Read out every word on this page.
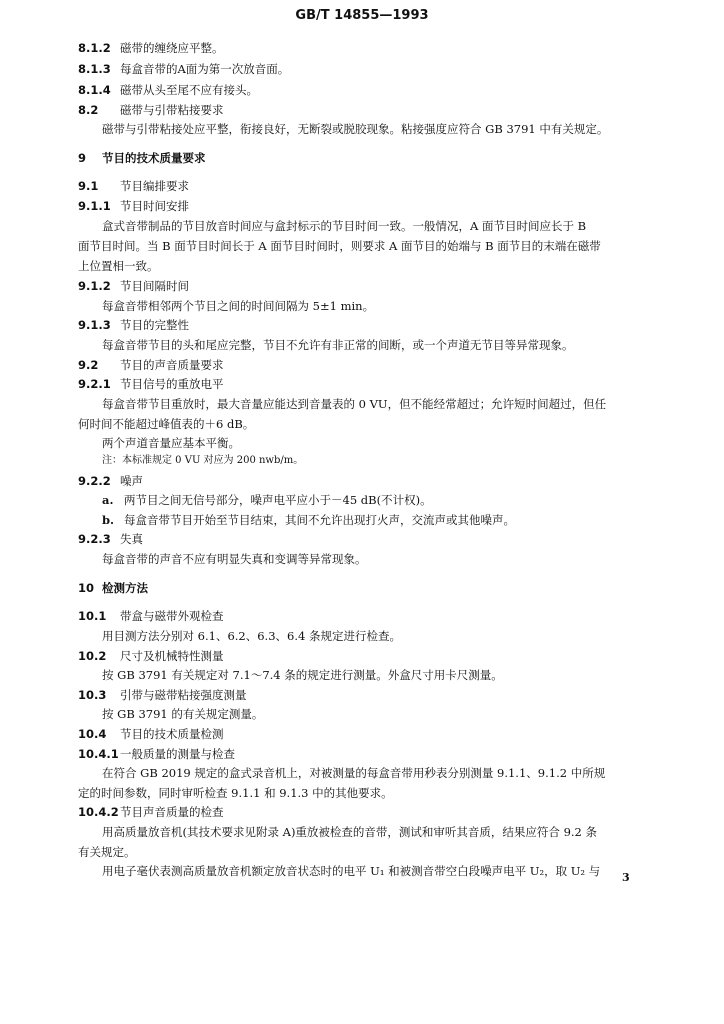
GB/T 14855—1993
8.1.2 磁带的缠绕应平整。
8.1.3 每盒音带的A面为第一次放音面。
8.1.4 磁带从头至尾不应有接头。
8.2 磁带与引带粘接要求
磁带与引带粘接处应平整，衔接良好，无断裂或脱胶现象。粘接强度应符合 GB 3791 中有关规定。
9 节目的技术质量要求
9.1 节目编排要求
9.1.1 节目时间安排
盒式音带制品的节目放音时间应与盒封标示的节目时间一致。一般情况，A 面节目时间应长于 B
面节目时间。当 B 面节目时间长于 A 面节目时间时，则要求 A 面节目的始端与 B 面节目的末端在磁带
上位置相一致。
9.1.2 节目间隔时间
每盒音带相邻两个节目之间的时间间隔为 5±1 min。
9.1.3 节目的完整性
每盒音带节目的头和尾应完整，节目不允许有非正常的间断，或一个声道无节目等异常现象。
9.2 节目的声音质量要求
9.2.1 节目信号的重放电平
每盒音带节目重放时，最大音量应能达到音量表的 0 VU，但不能经常超过；允许短时间超过，但任
何时间不能超过峰值表的＋6 dB。
两个声道音量应基本平衡。
注：本标准规定 0 VU 对应为 200 nwb/m。
9.2.2 噪声
a. 两节目之间无信号部分，噪声电平应小于－45 dB(不计权)。
b. 每盒音带节目开始至节目结束，其间不允许出现打火声，交流声或其他噪声。
9.2.3 失真
每盒音带的声音不应有明显失真和变调等异常现象。
10 检测方法
10.1 带盒与磁带外观检查
用目测方法分别对 6.1、6.2、6.3、6.4 条规定进行检查。
10.2 尺寸及机械特性测量
按 GB 3791 有关规定对 7.1～7.4 条的规定进行测量。外盒尺寸用卡尺测量。
10.3 引带与磁带粘接强度测量
按 GB 3791 的有关规定测量。
10.4 节目的技术质量检测
10.4.1一般质量的测量与检查
在符合 GB 2019 规定的盒式录音机上，对被测量的每盒音带用秒表分别测量 9.1.1、9.1.2 中所规
定的时间参数，同时审听检查 9.1.1 和 9.1.3 中的其他要求。
10.4.2节目声音质量的检查
用高质量放音机(其技术要求见附录 A)重放被检查的音带，测试和审听其音质，结果应符合 9.2 条
有关规定。
用电子毫伏表测高质量放音机额定放音状态时的电平 U₁ 和被测音带空白段噪声电平 U₂，取 U₂ 与 3
